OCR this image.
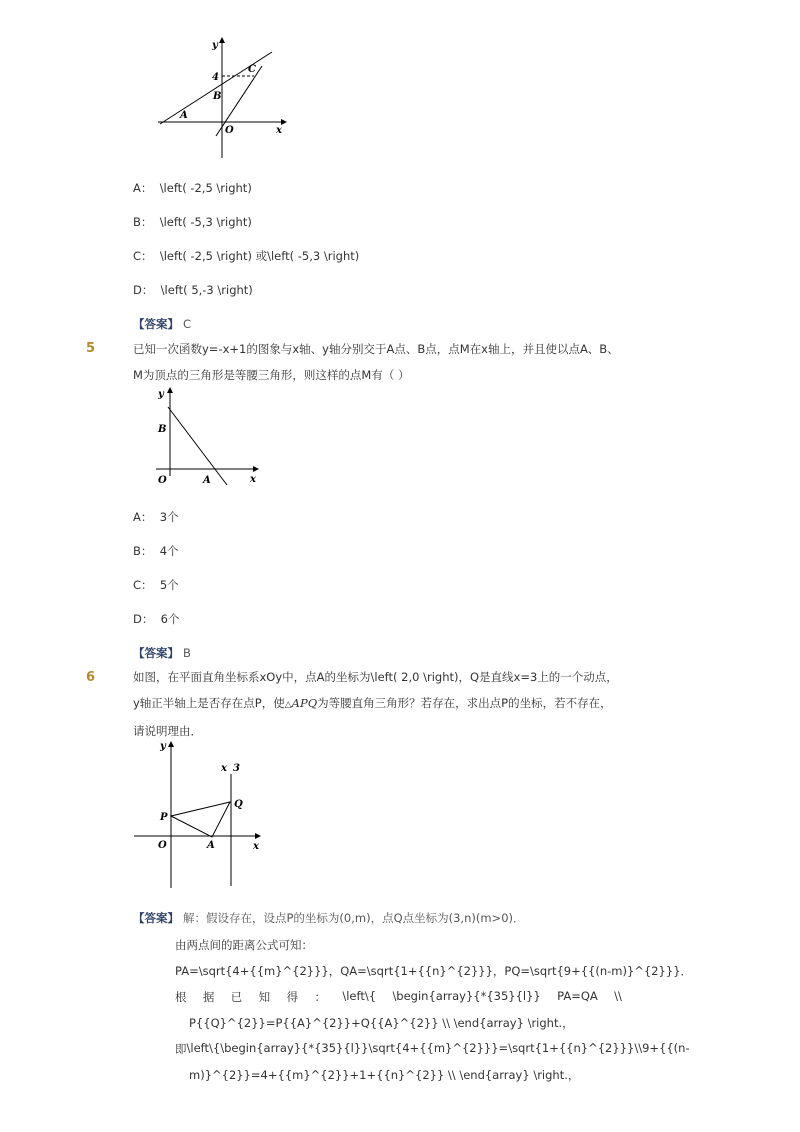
y
x
4
C
B
A
O
A： \left( -2,5 \right)
B： \left( -5,3 \right)
C： \left( -2,5 \right) 或\left( -5,3 \right)
D： \left( 5,-3 \right)
【答案】 C
5	已知一次函数y=-x+1的图象与x轴、y轴分别交于A点、B点，点M在x轴上，并且使以点A、B、M为顶点的三角形是等腰三角形，则这样的点M有（ ）
y
x
B
A
O
A： 3个
B： 4个
C： 5个
D： 6个
【答案】 B
6	如图，在平面直角坐标系xOy中，点A的坐标为\left( 2,0 \right)，Q是直线x=3上的一个动点，y轴正半轴上是否存在点P，使△APQ为等腰直角三角形？若存在，求出点P的坐标，若不存在，请说明理由．
y
x
x 3
Q
P
A
O
【答案】 解：假设存在，设点P的坐标为(0,m)，点Q点坐标为(3,n)(m>0)．
由两点间的距离公式可知：
PA=\sqrt{4+{{m}^{2}}}，QA=\sqrt{1+{{n}^{2}}}，PQ=\sqrt{9+{{(n-m)}^{2}}}．
根 据 已 知 得 ： \left\{ \begin{array}{*{35}{l}} PA=QA \\
P{{Q}^{2}}=P{{A}^{2}}+Q{{A}^{2}} \\ \end{array} \right.，
即 \left\{ \begin{array}{*{35}{l}} \sqrt{4+{{m}^{2}}}=\sqrt{1+{{n}^{2}}} \\ 9+{{(n-
m)}^{2}}=4+{{m}^{2}}+1+{{n}^{2}} \\ \end{array} \right.，
